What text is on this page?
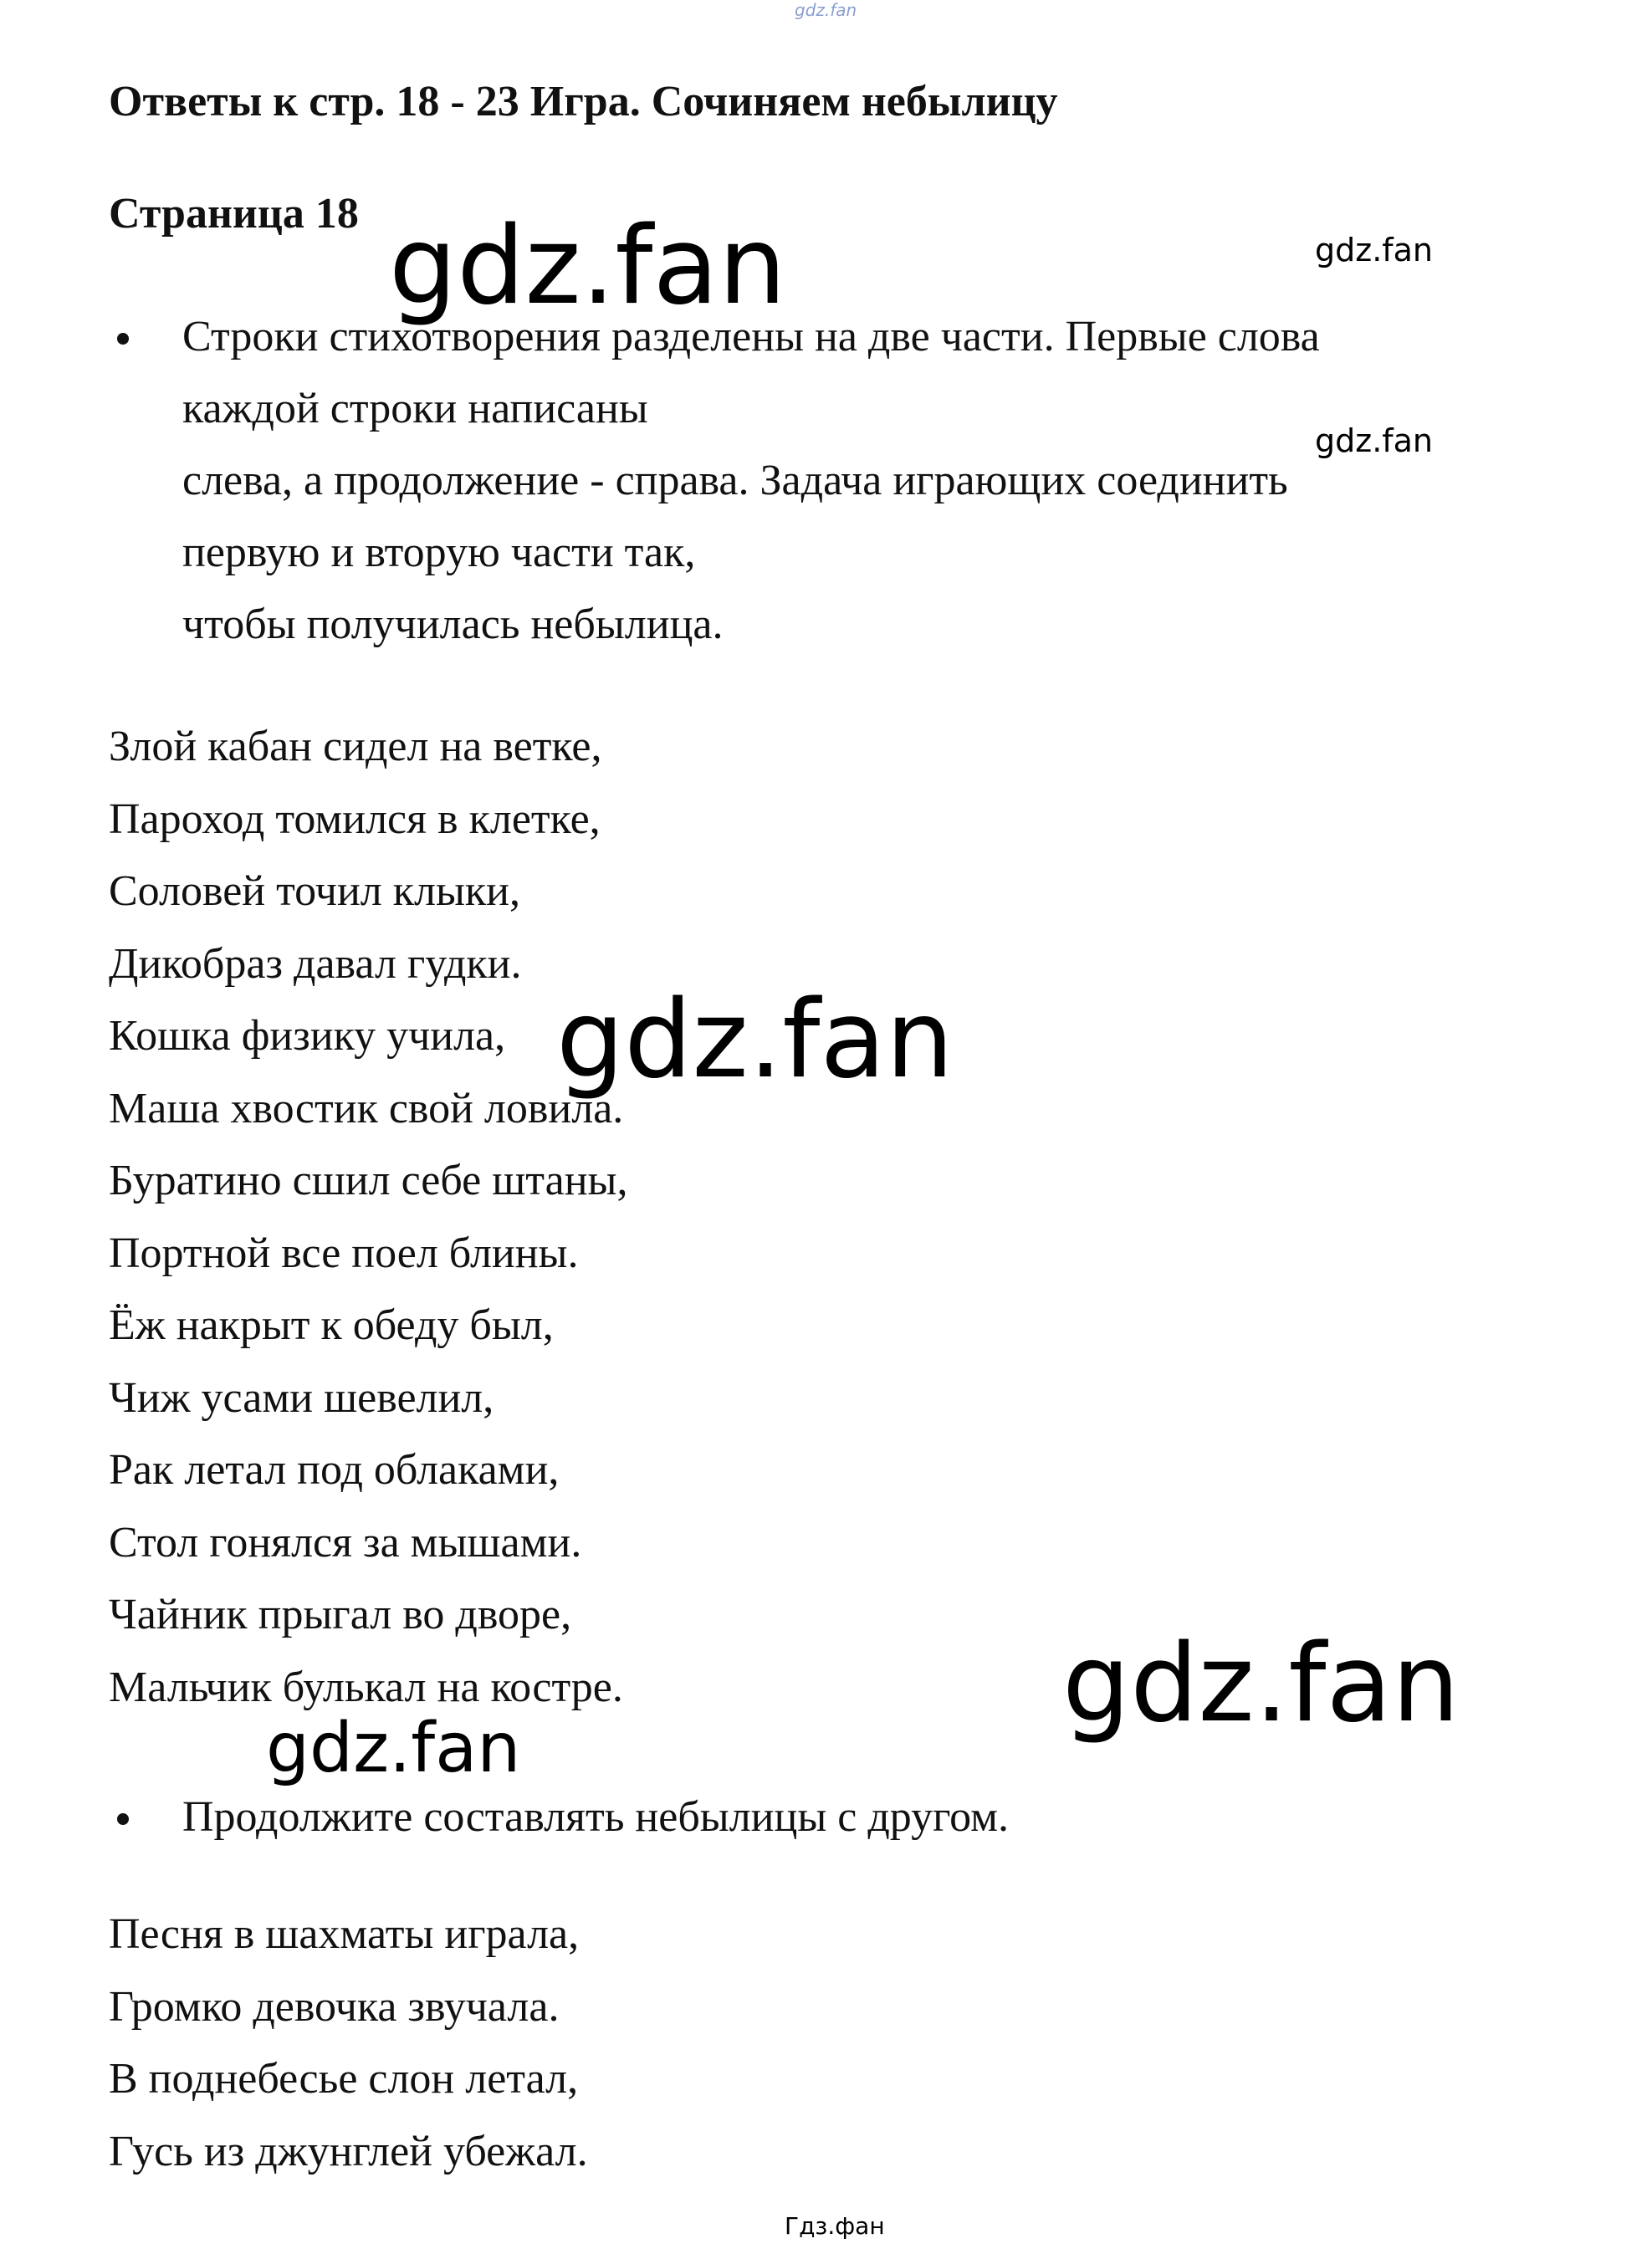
gdz.fan
Ответы к стр. 18 - 23 Игра. Сочиняем небылицу
Страница 18 gdz.fan	gdz.fan
gdz.fan
Строки стихотворения разделены на две части. Первые слова
каждой строки написаны
слева, а продолжение - справа. Задача играющих соединить
первую и вторую части так,
чтобы получилась небылица.
Злой кабан сидел на ветке,
Пароход томился в клетке,
Соловей точил клыки,
Дикобраз давал гудки.
Кошка физику учила,
Маша хвостик свой ловила.
Буратино сшил себе штаны,
Портной все поел блины.
Ёж накрыт к обеду был,
Чиж усами шевелил,
Рак летал под облаками,
Стол гонялся за мышами.
Чайник прыгал во дворе,
Мальчик булькал на костре.
gdz.fan
gdz.fan
gdz.fan
Продолжите составлять небылицы с другом.
Песня в шахматы играла,
Громко девочка звучала.
В поднебесье слон летал,
Гусь из джунглей убежал.
Гдз.фан
